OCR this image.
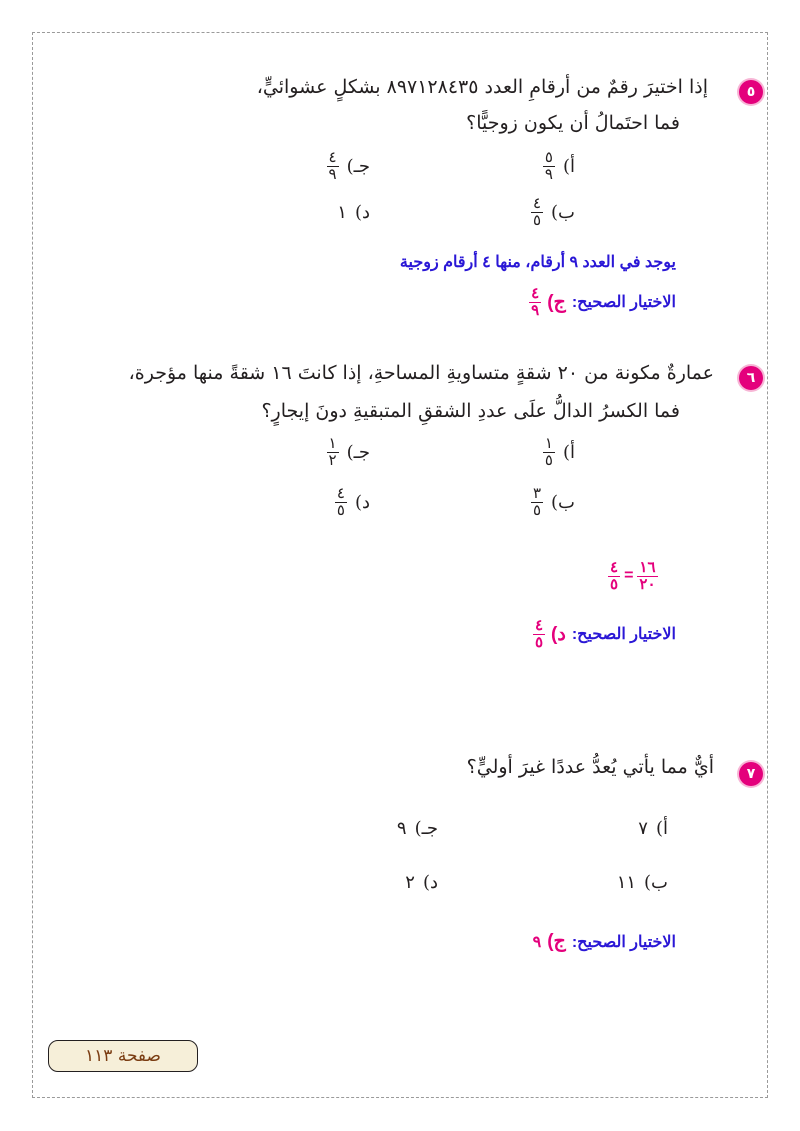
٥
إذا اختيرَ رقمٌ من أرقامِ العدد ٨٩٧١٢٨٤٣٥ بشكلٍ عشوائيٍّ،
فما احتَمالُ أن يكون زوجيًّا؟
أ)
$\frac{٥}{٩}$
جـ)
$\frac{٤}{٩}$
ب)
$\frac{٤}{٥}$
د)
١
يوجد في العدد ٩ أرقام، منها ٤ أرقام زوجية
الاختيار الصحيح:
ج)
$\frac{٤}{٩}$
٦
عمارةٌ مكونة من ٢٠ شقةٍ متساويةِ المساحةِ، إذا كانتَ ١٦ شقةً منها مؤجرة،
فما الكسرُ الدالُّ علَى عددِ الشققِ المتبقيةِ دونَ إيجارٍ؟
أ)
$\frac{١}{٥}$
جـ)
$\frac{١}{٢}$
ب)
$\frac{٣}{٥}$
د)
$\frac{٤}{٥}$
$\frac{٤}{٥} = \frac{١٦}{٢٠}$
الاختيار الصحيح:
د)
$\frac{٤}{٥}$
٧
أيٌّ مما يأتي يُعدُّ عددًا غيرَ أوليٍّ؟
أ)
٧
جـ)
٩
ب)
١١
د)
٢
الاختيار الصحيح:
ج)
٩
صفحة ١١٣
